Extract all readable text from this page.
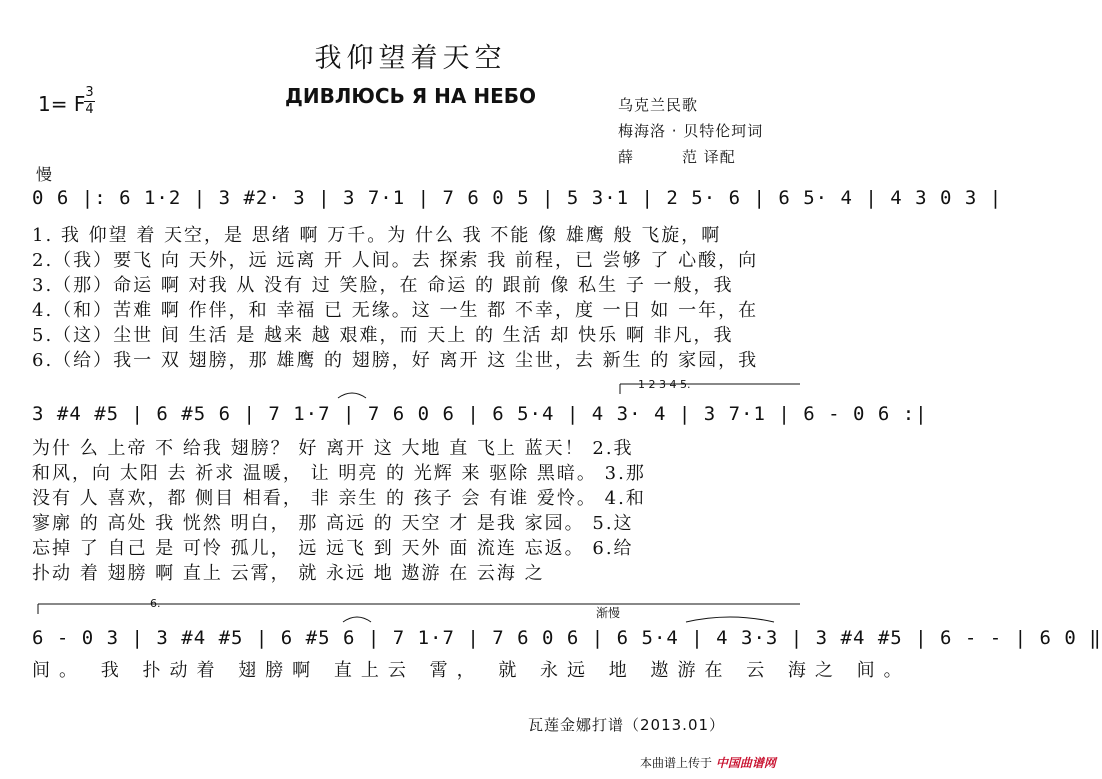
我仰望着天空
ДИВЛЮСЬ Я НА НЕБО
1= F 3
4	乌克兰民歌
梅海洛 · 贝特伦珂词
薛　　　范 译配
慢
0 6 |: 6 1·2 | 3 #2· 3 | 3 7·1 | 7 6 0 5 | 5 3·1 | 2 5· 6 | 6 5· 4 | 4 3 0 3 |
1. 我 仰望 着 天空，是 思绪 啊 万千。为 什么 我 不能 像 雄鹰 般 飞旋，啊
2.（我）要飞 向 天外，远 远离 开 人间。去 探索 我 前程，已 尝够 了 心酸，向
3.（那）命运 啊 对我 从 没有 过 笑脸，在 命运 的 跟前 像 私生 子 一般，我
4.（和）苦难 啊 作伴，和 幸福 已 无缘。这 一生 都 不幸，度 一日 如 一年，在
5.（这）尘世 间 生活 是 越来 越 艰难，而 天上 的 生活 却 快乐 啊 非凡，我
6.（给）我一 双 翅膀，那 雄鹰 的 翅膀，好 离开 这 尘世，去 新生 的 家园，我
1 2 3 4 5.
3 #4 #5 | 6 #5 6 | 7 1·7 | 7 6 0 6 | 6 5·4 | 4 3· 4 | 3 7·1 | 6 - 0 6 :|
为什 么 上帝 不 给我 翅膀？ 好 离开 这 大地 直 飞上 蓝天！ 2.我
和风，向 太阳 去 祈求 温暖， 让 明亮 的 光辉 来 驱除 黑暗。 3.那
没有 人 喜欢，都 侧目 相看， 非 亲生 的 孩子 会 有谁 爱怜。 4.和
寥廓 的 高处 我 恍然 明白， 那 高远 的 天空 才 是我 家园。 5.这
忘掉 了 自己 是 可怜 孤儿， 远 远飞 到 天外 面 流连 忘返。 6.给
扑动 着 翅膀 啊 直上 云霄， 就 永远 地 遨游 在 云海 之
6.
渐慢
6 - 0 3 | 3 #4 #5 | 6 #5 6 | 7 1·7 | 7 6 0 6 | 6 5·4 | 4 3·3 | 3 #4 #5 | 6 - - | 6 0 ‖
间。 我 扑动着 翅膀啊 直上云 霄， 就 永远 地 遨游在 云 海之 间。
瓦莲金娜打谱（2013.01）
本曲谱上传于 中国曲谱网
